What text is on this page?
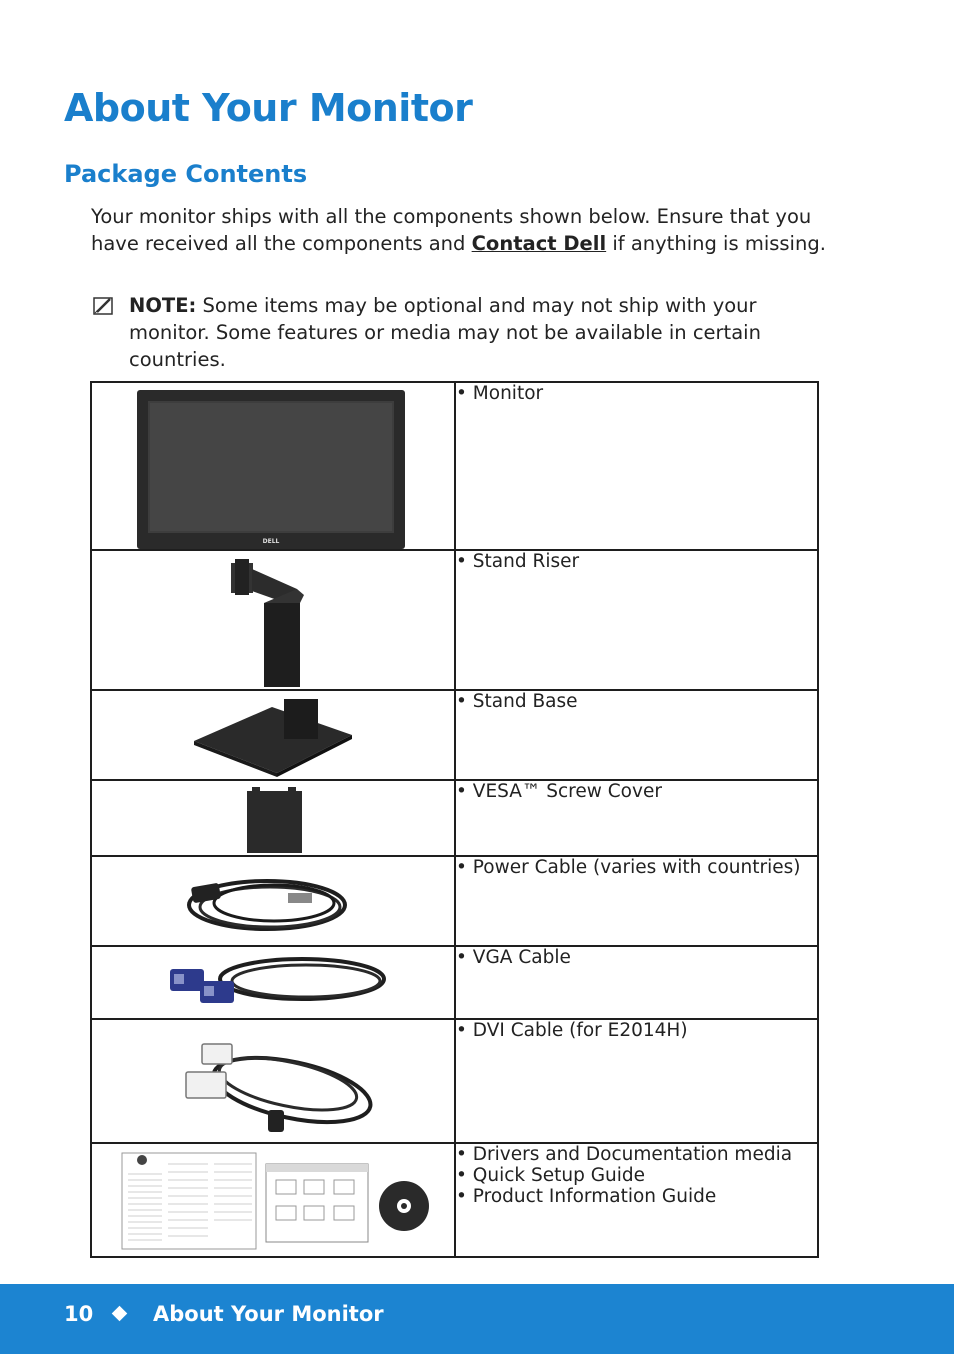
About Your Monitor
Package Contents

Your monitor ships with all the components shown below. Ensure that you have received all the components and Contact Dell if anything is missing.

NOTE: Some items may be optional and may not ship with your monitor. Some features or media may not be available in certain countries.
DELL	• Monitor

• Stand Riser

• Stand Base

• VESA™ Screw Cover

• Power Cable (varies with countries)

• VGA Cable

• DVI Cable (for E2014H)

• Drivers and Documentation media
• Quick Setup Guide
• Product Information Guide
10	About Your Monitor
